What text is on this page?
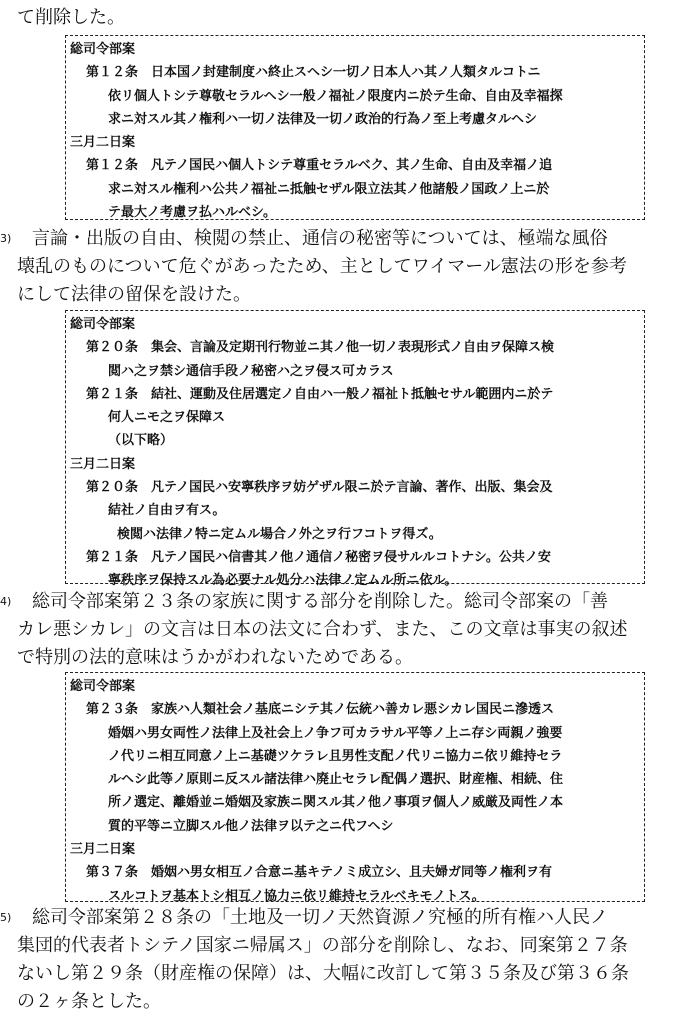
て削除した。

総司令部案

第１２条　日本国ノ封建制度ハ終止スヘシ一切ノ日本人ハ其ノ人類タルコトニ
依リ個人トシテ尊敬セラルヘシ一般ノ福祉ノ限度内ニ於テ生命、自由及幸福探
求ニ対スル其ノ権利ハ一切ノ法律及一切ノ政治的行為ノ至上考慮タルヘシ

三月二日案

第１２条　凡テノ国民ハ個人トシテ尊重セラルベク、其ノ生命、自由及幸福ノ追
求ニ対スル権利ハ公共ノ福祉ニ抵触セザル限立法其ノ他諸般ノ国政ノ上ニ於
テ最大ノ考慮ヲ払ハルベシ。

3)　言論・出版の自由、検閲の禁止、通信の秘密等については、極端な風俗
壊乱のものについて危ぐがあったため、主としてワイマール憲法の形を参考
にして法律の留保を設けた。

総司令部案

第２０条　集会、言論及定期刊行物並ニ其ノ他一切ノ表現形式ノ自由ヲ保障ス検
閲ハ之ヲ禁シ通信手段ノ秘密ハ之ヲ侵ス可カラス

第２１条　結社、運動及住居選定ノ自由ハ一般ノ福祉ト抵触セサル範囲内ニ於テ
何人ニモ之ヲ保障ス

（以下略）

三月二日案

第２０条　凡テノ国民ハ安寧秩序ヲ妨ゲザル限ニ於テ言論、著作、出版、集会及
結社ノ自由ヲ有ス。

検閲ハ法律ノ特ニ定ムル場合ノ外之ヲ行フコトヲ得ズ。

第２１条　凡テノ国民ハ信書其ノ他ノ通信ノ秘密ヲ侵サルルコトナシ。公共ノ安
寧秩序ヲ保持スル為必要ナル処分ハ法律ノ定ムル所ニ依ル。

4)　総司令部案第２３条の家族に関する部分を削除した。総司令部案の「善
カレ悪シカレ」の文言は日本の法文に合わず、また、この文章は事実の叙述
で特別の法的意味はうかがわれないためである。

総司令部案

第２３条　家族ハ人類社会ノ基底ニシテ其ノ伝統ハ善カレ悪シカレ国民ニ滲透ス
婚姻ハ男女両性ノ法律上及社会上ノ争フ可カラサル平等ノ上ニ存シ両親ノ強要
ノ代リニ相互同意ノ上ニ基礎ツケラレ且男性支配ノ代リニ協力ニ依リ維持セラ
ルヘシ此等ノ原則ニ反スル諸法律ハ廃止セラレ配偶ノ選択、財産権、相続、住
所ノ選定、離婚並ニ婚姻及家族ニ関スル其ノ他ノ事項ヲ個人ノ威厳及両性ノ本
質的平等ニ立脚スル他ノ法律ヲ以テ之ニ代フヘシ

三月二日案

第３７条　婚姻ハ男女相互ノ合意ニ基キテノミ成立シ、且夫婦ガ同等ノ権利ヲ有
スルコトヲ基本トシ相互ノ協力ニ依リ維持セラルベキモノトス。

5)　総司令部案第２８条の「土地及一切ノ天然資源ノ究極的所有権ハ人民ノ
集団的代表者トシテノ国家ニ帰属ス」の部分を削除し、なお、同案第２７条
ないし第２９条（財産権の保障）は、大幅に改訂して第３５条及び第３６条
の２ヶ条とした。
